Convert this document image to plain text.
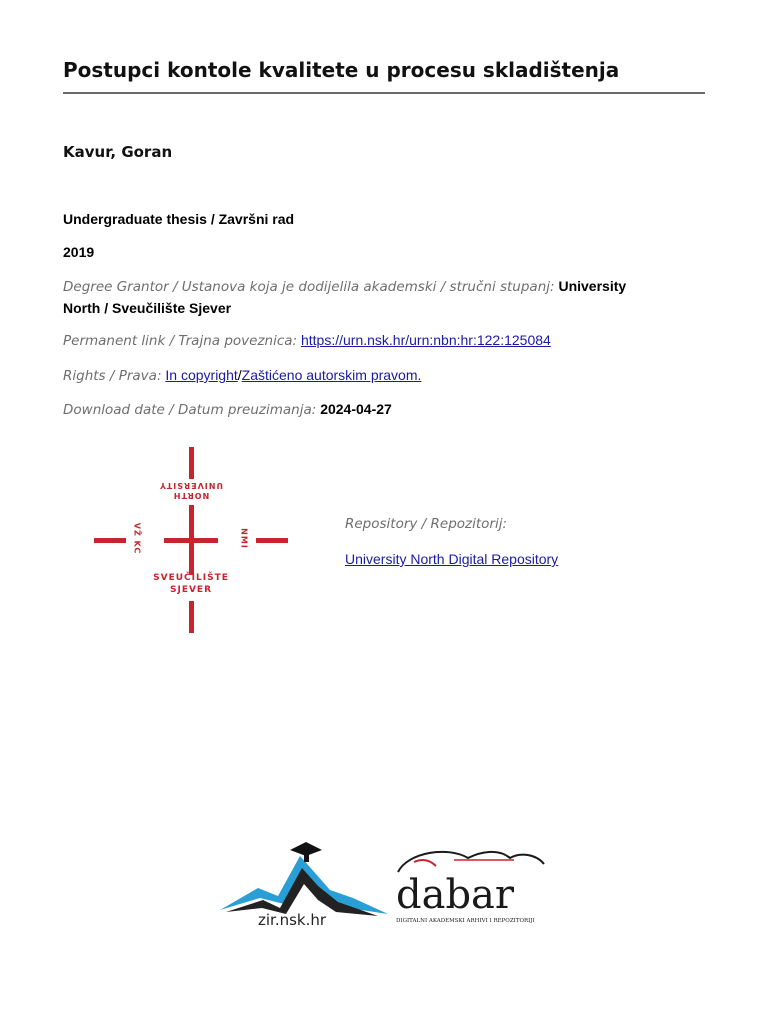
Postupci kontole kvalitete u procesu skladištenja
Kavur, Goran
Undergraduate thesis / Završni rad
2019
Degree Grantor / Ustanova koja je dodijelila akademski / stručni stupanj: University
North / Sveučilište Sjever
Permanent link / Trajna poveznica: https://urn.nsk.hr/urn:nbn:hr:122:125084
Rights / Prava: In copyright/Zaštićeno autorskim pravom.
Download date / Datum preuzimanja: 2024-04-27
NORTH
UNIVERSITY
VŽ KC	NMI
SVEUČILIŠTE
SJEVER
Repository / Repozitorij:
University North Digital Repository
zir.nsk.hr
dabar
DIGITALNI AKADEMSKI ARHIVI I REPOZITORIJI
